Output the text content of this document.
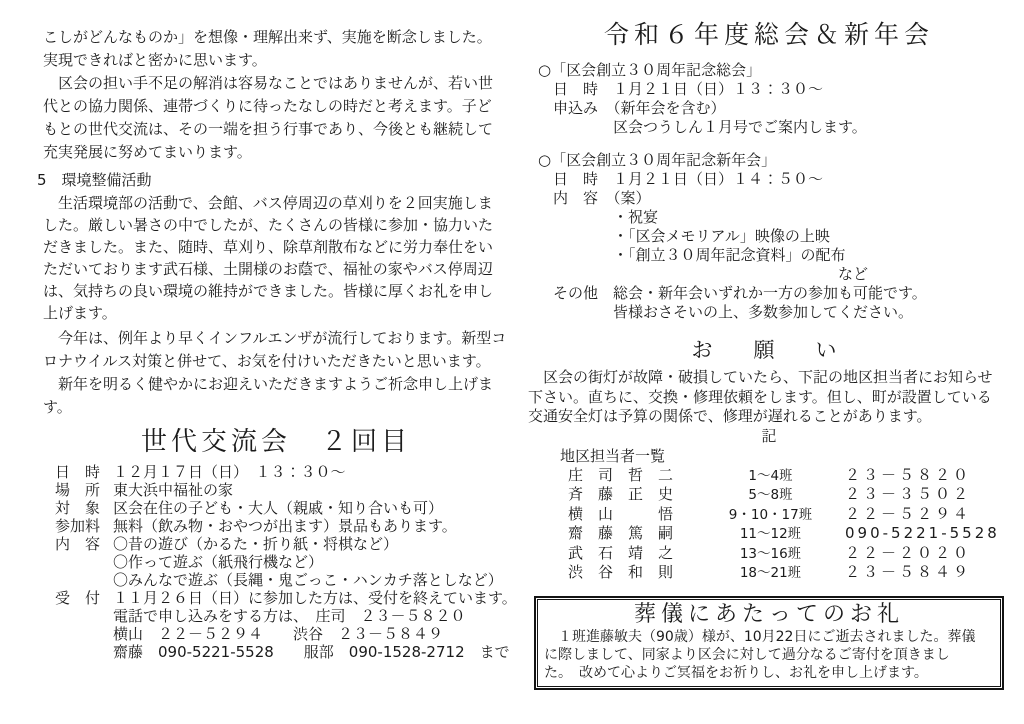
こしがどんなものか」を想像・理解出来ず、実施を断念しました。
実現できればと密かに思います。
　区会の担い手不足の解消は容易なことではありませんが、若い世
代との協力関係、連帯づくりに待ったなしの時だと考えます。子ど
もとの世代交流は、その一端を担う行事であり、今後とも継続して
充実発展に努めてまいります。
5　環境整備活動
　生活環境部の活動で、会館、バス停周辺の草刈りを２回実施しま
した。厳しい暑さの中でしたが、たくさんの皆様に参加・協力いた
だきました。また、随時、草刈り、除草剤散布などに労力奉仕をい
ただいております武石様、土開様のお蔭で、福祉の家やバス停周辺
は、気持ちの良い環境の維持ができました。皆様に厚くお礼を申し
上げます。
　今年は、例年より早くインフルエンザが流行しております。新型コ
ロナウイルス対策と併せて、お気を付けいただきたいと思います。
　新年を明るく健やかにお迎えいただきますようご祈念申し上げま
す。
世代交流会　２回目
日　時 １２月１７日（日）　１３：３０～
場　所 東大浜中福祉の家
対　象 区会在住の子ども・大人（親戚・知り合いも可）
参加料 無料（飲み物・おやつが出ます）景品もあります。
内　容 〇昔の遊び（かるた・折り紙・将棋など）
〇作って遊ぶ（紙飛行機など）
〇みんなで遊ぶ（長縄・鬼ごっこ・ハンカチ落としなど）
受　付 １１月２６日（日）に参加した方は、受付を終えています。
電話で申し込みをする方は、　庄司　２３－５８２０
横山　２２－５２９４　　渋谷　２３－５８４９
齋藤　090-5221-5528　　服部　090-1528-2712　まで
令和６年度総会＆新年会
○「区会創立３０周年記念総会」
　日　時　１月２１日（日）１３：３０～
　申込み　（新年会を含む）
　　　　　区会つうしん１月号でご案内します。
○「区会創立３０周年記念新年会」
　日　時　１月２１日（日）１４：５０～
　内　容　（案）
　　　　　・祝宴
　　　　　・「区会メモリアル」映像の上映
　　　　　・「創立３０周年記念資料」の配布
　　　　　　　　　　　　　　　　　　　　など
　その他　総会・新年会いずれか一方の参加も可能です。
　　　　　皆様おさそいの上、多数参加してください。
お　願　い
　区会の街灯が故障・破損していたら、下記の地区担当者にお知らせ
下さい。直ちに、交換・修理依頼をします。但し、町が設置している
交通安全灯は予算の関係で、修理が遅れることがあります。
記
地区担当者一覧
庄　司　哲　二	1～4班	２３－５８２０
斉　藤　正　史	5～8班	２３－３５０２
横　山　　　悟	9・10・17班	２２－５２９４
齋　藤　篤　嗣	11～12班	090-5221-5528
武　石　靖　之	13～16班	２２－２０２０
渋　谷　和　則	18～21班	２３－５８４９
葬儀にあたってのお礼
　１班進藤敏夫（90歳）様が、10月22日にご逝去されました。葬儀
に際しまして、同家より区会に対して過分なるご寄付を頂きまし
た。　改めて心よりご冥福をお祈りし、お礼を申し上げます。
